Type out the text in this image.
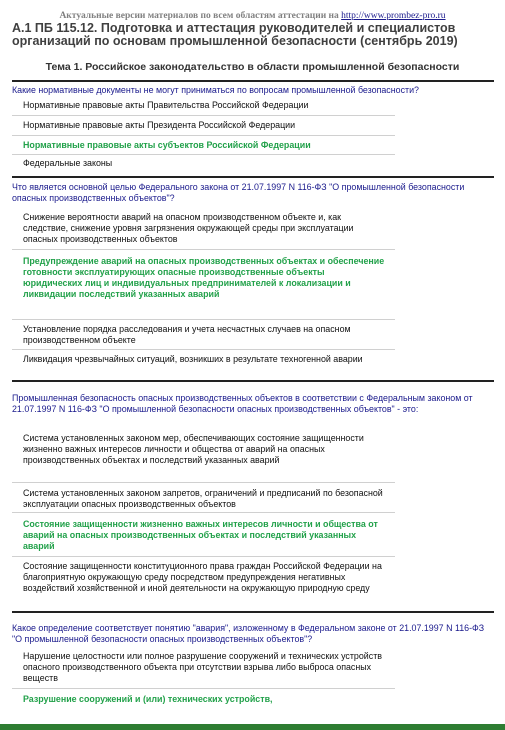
Актуальные версии материалов по всем областям аттестации на http://www.prombez-pro.ru
А.1 ПБ 115.12. Подготовка и аттестация руководителей и специалистов организаций по основам промышленной безопасности (сентябрь 2019)
Тема 1. Российское законодательство в области промышленной безопасности
Какие нормативные документы не могут приниматься по вопросам промышленной безопасности?
Нормативные правовые акты Правительства Российской Федерации
Нормативные правовые акты Президента Российской Федерации
Нормативные правовые акты субъектов Российской Федерации
Федеральные законы
Что является основной целью Федерального закона от 21.07.1997 N 116-ФЗ "О промышленной безопасности опасных производственных объектов"?
Снижение вероятности аварий на опасном производственном объекте и, как следствие, снижение уровня загрязнения окружающей среды при эксплуатации опасных производственных объектов
Предупреждение аварий на опасных производственных объектах и обеспечение готовности эксплуатирующих опасные производственные объекты юридических лиц и индивидуальных предпринимателей к локализации и ликвидации последствий указанных аварий
Установление порядка расследования и учета несчастных случаев на опасном производственном объекте
Ликвидация чрезвычайных ситуаций, возникших в результате техногенной аварии
Промышленная безопасность опасных производственных объектов в соответствии с Федеральным законом от 21.07.1997 N 116-ФЗ "О промышленной безопасности опасных производственных объектов" - это:
Система установленных законом мер, обеспечивающих состояние защищенности жизненно важных интересов личности и общества от аварий на опасных производственных объектах и последствий указанных аварий
Система установленных законом запретов, ограничений и предписаний по безопасной эксплуатации опасных производственных объектов
Состояние защищенности жизненно важных интересов личности и общества от аварий на опасных производственных объектах и последствий указанных аварий
Состояние защищенности конституционного права граждан Российской Федерации на благоприятную окружающую среду посредством предупреждения негативных воздействий хозяйственной и иной деятельности на окружающую природную среду
Какое определение соответствует понятию "авария", изложенному в Федеральном законе от 21.07.1997 N 116-ФЗ "О промышленной безопасности опасных производственных объектов"?
Нарушение целостности или полное разрушение сооружений и технических устройств опасного производственного объекта при отсутствии взрыва либо выброса опасных веществ
Разрушение сооружений и (или) технических устройств,
